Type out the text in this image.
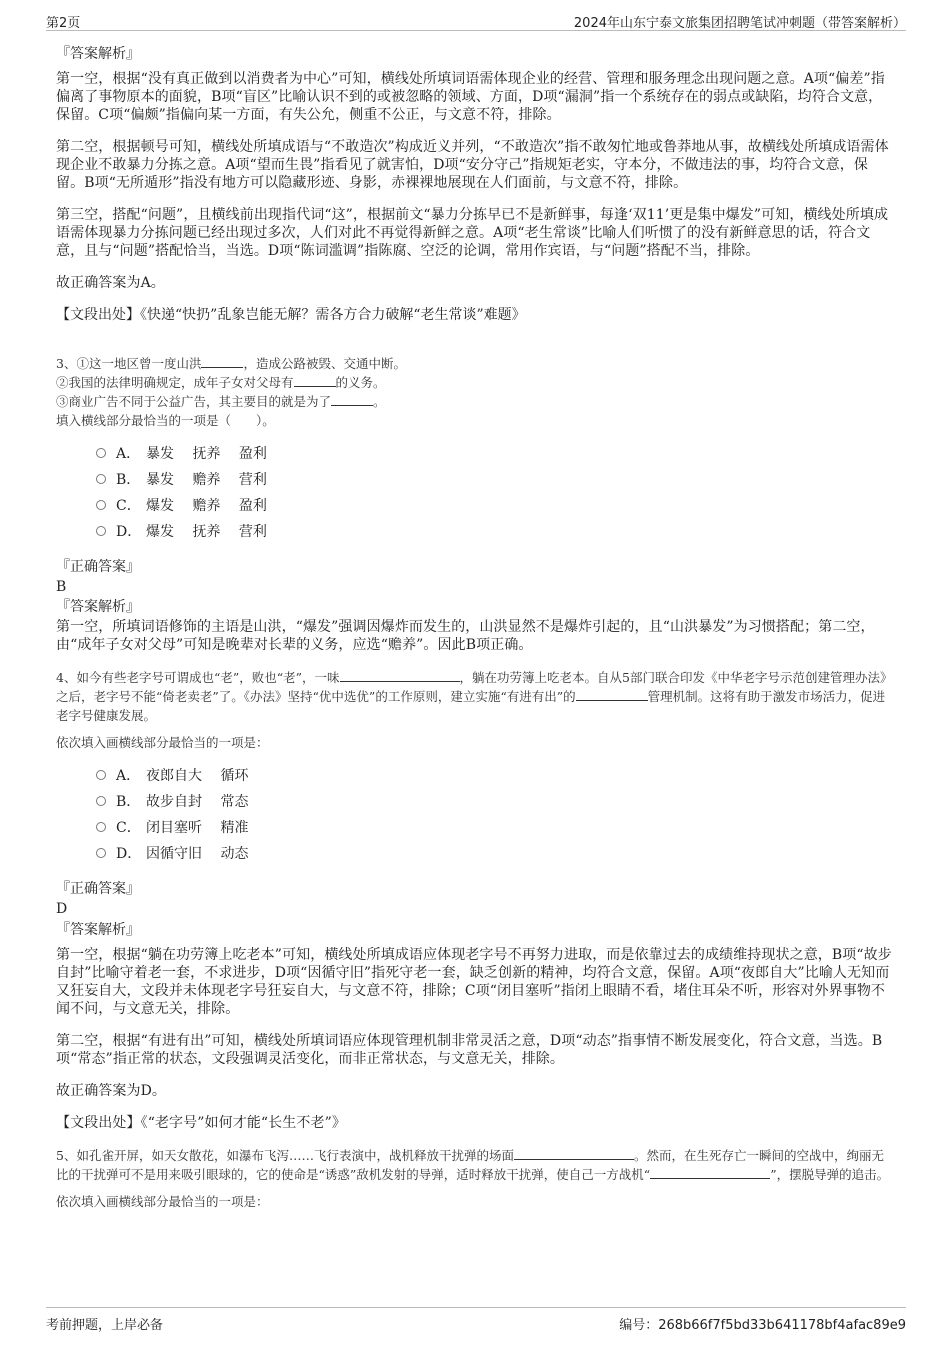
第2页	2024年山东宁泰文旅集团招聘笔试冲刺题（带答案解析）

『答案解析』

第一空，根据“没有真正做到以消费者为中心”可知，横线处所填词语需体现企业的经营、管理和服务理念出现问题之意。A项“偏差”指偏离了事物原本的面貌，B项“盲区”比喻认识不到的或被忽略的领域、方面，D项“漏洞”指一个系统存在的弱点或缺陷，均符合文意，保留。C项“偏颇”指偏向某一方面，有失公允，侧重不公正，与文意不符，排除。

第二空，根据顿号可知，横线处所填成语与“不敢造次”构成近义并列，“不敢造次”指不敢匆忙地或鲁莽地从事，故横线处所填成语需体现企业不敢暴力分拣之意。A项“望而生畏”指看见了就害怕，D项“安分守己”指规矩老实，守本分，不做违法的事，均符合文意，保留。B项“无所遁形”指没有地方可以隐藏形迹、身影，赤裸裸地展现在人们面前，与文意不符，排除。

第三空，搭配“问题”，且横线前出现指代词“这”，根据前文“暴力分拣早已不是新鲜事，每逢‘双11’更是集中爆发”可知，横线处所填成语需体现暴力分拣问题已经出现过多次，人们对此不再觉得新鲜之意。A项“老生常谈”比喻人们听惯了的没有新鲜意思的话，符合文意，且与“问题”搭配恰当，当选。D项“陈词滥调”指陈腐、空泛的论调，常用作宾语，与“问题”搭配不当，排除。

故正确答案为A。

【文段出处】《快递“快扔”乱象岂能无解？需各方合力破解“老生常谈”难题》

3、①这一地区曾一度山洪	，造成公路被毁、交通中断。

②我国的法律明确规定，成年子女对父母有	的义务。

③商业广告不同于公益广告，其主要目的就是为了	。

填入横线部分最恰当的一项是（　　）。

A． 暴发 抚养 盈利
B． 暴发 赡养 营利
C． 爆发 赡养 盈利
D． 爆发 抚养 营利

『正确答案』

B

『答案解析』

第一空，所填词语修饰的主语是山洪，“爆发”强调因爆炸而发生的，山洪显然不是爆炸引起的，且“山洪暴发”为习惯搭配；第二空，由“成年子女对父母”可知是晚辈对长辈的义务，应选“赡养”。因此B项正确。

4、如今有些老字号可谓成也“老”，败也“老”，一味	，躺在功劳簿上吃老本。自从5部门联合印发《中华老字号示范创建管理办法》之后，老字号不能“倚老卖老”了。《办法》坚持“优中选优”的工作原则，建立实施“有进有出”的	管理机制。这将有助于激发市场活力，促进老字号健康发展。

依次填入画横线部分最恰当的一项是：

A． 夜郎自大 循环
B． 故步自封 常态
C． 闭目塞听 精准
D． 因循守旧 动态

『正确答案』

D

『答案解析』

第一空，根据“躺在功劳簿上吃老本”可知，横线处所填成语应体现老字号不再努力进取，而是依靠过去的成绩维持现状之意，B项“故步自封”比喻守着老一套，不求进步，D项“因循守旧”指死守老一套，缺乏创新的精神，均符合文意，保留。A项“夜郎自大”比喻人无知而又狂妄自大，文段并未体现老字号狂妄自大，与文意不符，排除；C项“闭目塞听”指闭上眼睛不看，堵住耳朵不听，形容对外界事物不闻不问，与文意无关，排除。

第二空，根据“有进有出”可知，横线处所填词语应体现管理机制非常灵活之意，D项“动态”指事情不断发展变化，符合文意，当选。B项“常态”指正常的状态，文段强调灵活变化，而非正常状态，与文意无关，排除。

故正确答案为D。

【文段出处】《“老字号”如何才能“长生不老”》

5、如孔雀开屏，如天女散花，如瀑布飞泻……飞行表演中，战机释放干扰弹的场面	。然而，在生死存亡一瞬间的空战中，绚丽无比的干扰弹可不是用来吸引眼球的，它的使命是“诱惑”敌机发射的导弹，适时释放干扰弹，使自己一方战机“	”，摆脱导弹的追击。

依次填入画横线部分最恰当的一项是：

考前押题，上岸必备	编号：268b66f7f5bd33b641178bf4afac89e9
